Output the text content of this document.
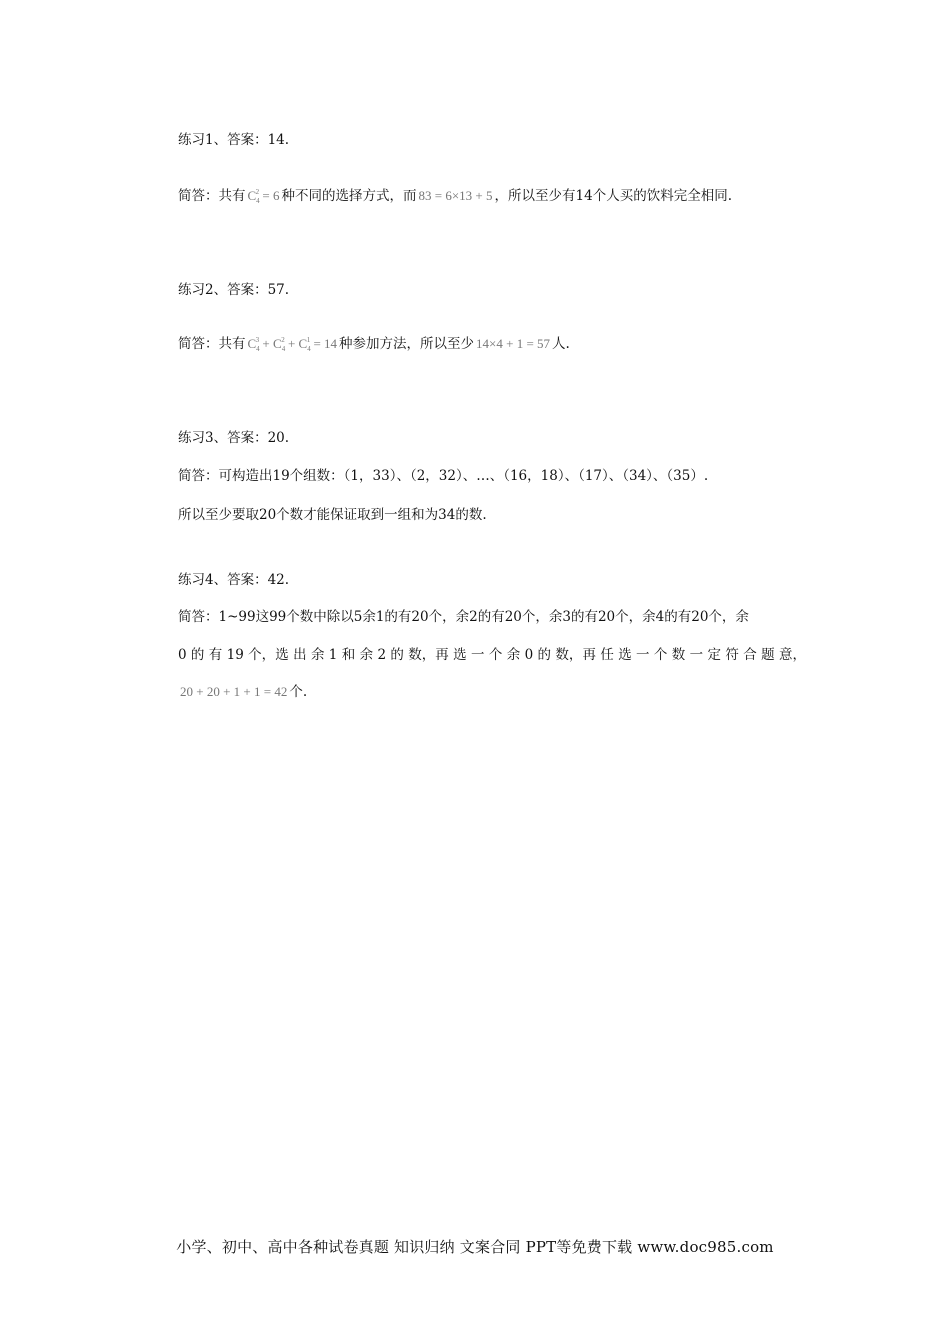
练习1、答案：14.
简答：共有 $C_4^2 = 6$ 种不同的选择方式，而 83 = 6×13 + 5 ，所以至少有14个人买的饮料完全相同.
练习2、答案：57.
简答：共有 $C_4^3 + C_4^2 + C_4^1 = 14$ 种参加方法，所以至少 14×4 + 1 = 57 人.
练习3、答案：20.
简答：可构造出19个组数：（1，33）、（2，32）、…、（16，18）、（17）、（34）、（35）.
所以至少要取20个数才能保证取到一组和为34的数.
练习4、答案：42.
简答：1~99这99个数中除以5余1的有20个，余2的有20个，余3的有20个，余4的有20个，余
0 的 有 19 个，选 出 余 1 和 余 2 的 数，再 选 一 个 余 0 的 数，再 任 选 一 个 数 一 定 符 合 题 意，
20 + 20 + 1 + 1 = 42 个.
小学、初中、高中各种试卷真题 知识归纳 文案合同 PPT等免费下载 www.doc985.com
